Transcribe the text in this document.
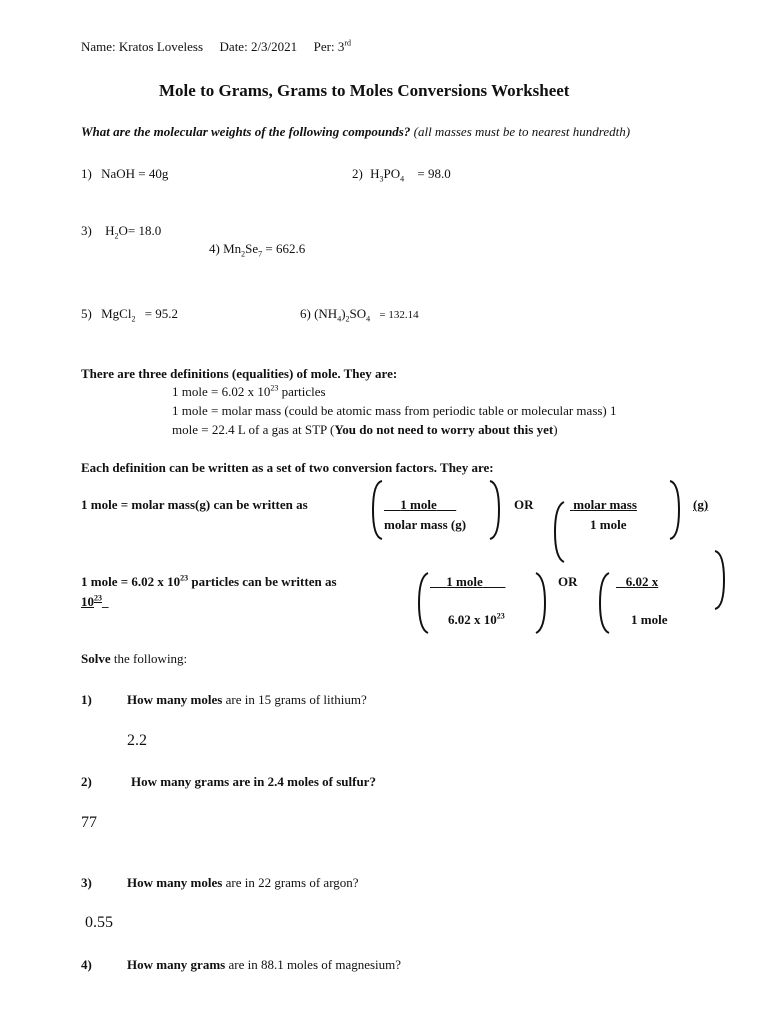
Name: Kratos Loveless Date: 2/3/2021 Per: 3rd
Mole to Grams, Grams to Moles Conversions Worksheet
What are the molecular weights of the following compounds? (all masses must be to nearest hundredth)
1) NaOH = 40g	2) $H_3PO_4 = 98.0$
3) $H_2O= 18.0$
4) $Mn_2Se_7 = 662.6$
5) MgCl$_2$ = 95.2	6) $(NH_4)_2SO_4 = 132.14$
There are three definitions (equalities) of mole. They are:
1 mole = 6.02 x $10^{23}$ particles
1 mole = molar mass (could be atomic mass from periodic table or molecular mass) 1
mole = 22.4 L of a gas at STP (You do not need to worry about this yet)
Each definition can be written as a set of two conversion factors. They are:
1 mole = molar mass(g) can be written as	1 mole
molar mass (g)
OR	molar mass
1 mole
(g)
1 mole = 6.02 x $10^{23}$ particles can be written as
$10^{23}\_$
1 mole
6.02 x $10^{23}$
OR	6.02 x
1 mole
Solve the following:
1)	How many moles are in 15 grams of lithium?
2.2
2)	How many grams are in 2.4 moles of sulfur?
77
3)	How many moles are in 22 grams of argon?
0.55
4)	How many grams are in 88.1 moles of magnesium?
